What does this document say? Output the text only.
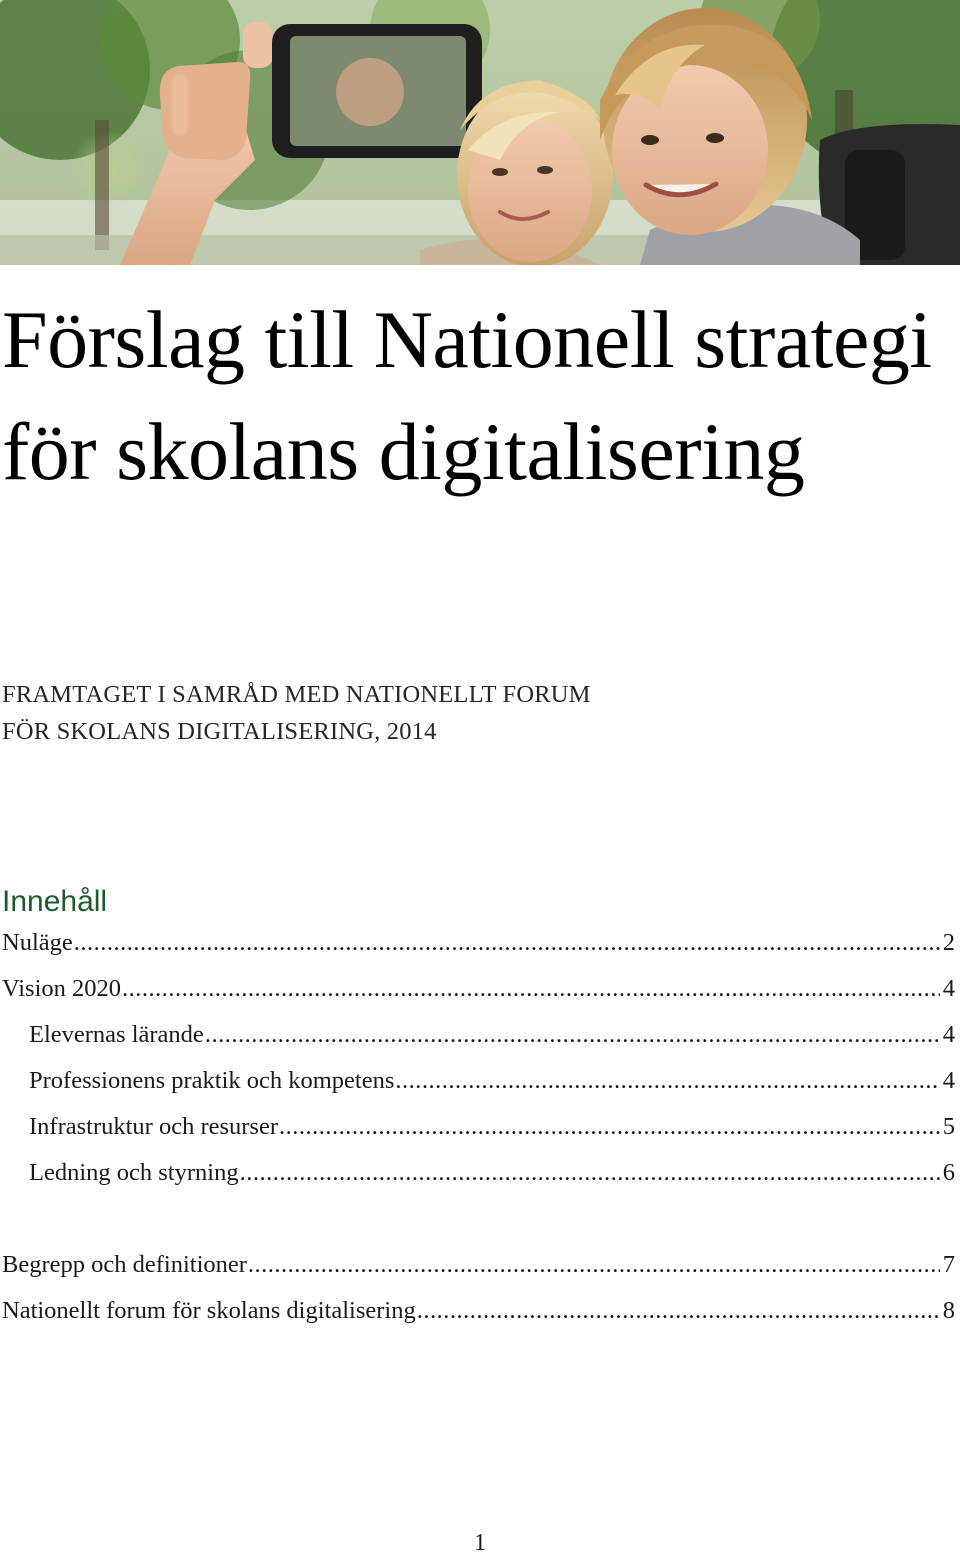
Förslag till Nationell strategi
för skolans digitalisering
FRAMTAGET I SAMRÅD MED NATIONELLT FORUM
FÖR SKOLANS DIGITALISERING, 2014
Innehåll
Nuläge .....	2
Vision 2020 .....	4
Elevernas lärande .....	4
Professionens praktik och kompetens .....	4
Infrastruktur och resurser .....	5
Ledning och styrning .....	6
Begrepp och definitioner .....	7
Nationellt forum för skolans digitalisering .....	8
1
